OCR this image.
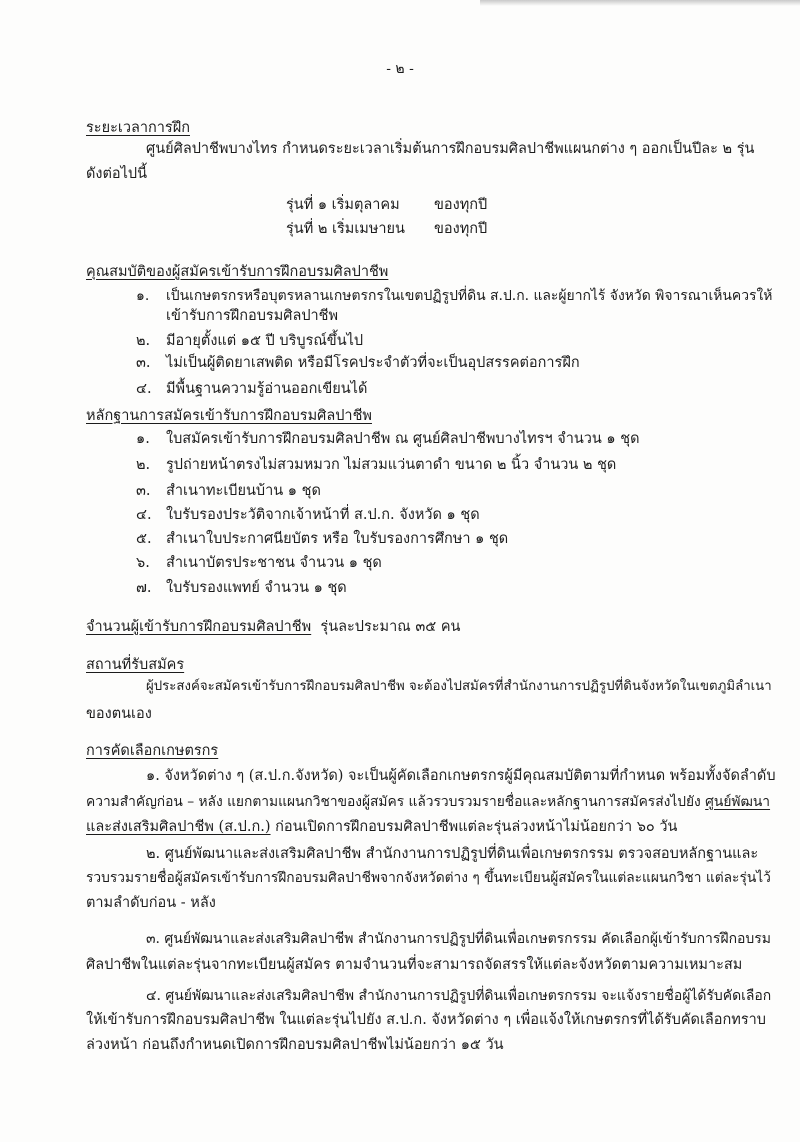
- ๒ -
ระยะเวลาการฝึก
ศูนย์ศิลปาชีพบางไทร กำหนดระยะเวลาเริ่มต้นการฝึกอบรมศิลปาชีพแผนกต่าง ๆ ออกเป็นปีละ ๒ รุ่น
ดังต่อไปนี้
รุ่นที่ ๑ เริ่มตุลาคม ของทุกปี
รุ่นที่ ๒ เริ่มเมษายน ของทุกปี
คุณสมบัติของผู้สมัครเข้ารับการฝึกอบรมศิลปาชีพ
๑. เป็นเกษตรกรหรือบุตรหลานเกษตรกรในเขตปฏิรูปที่ดิน ส.ป.ก. และผู้ยากไร้ จังหวัด พิจารณาเห็นควรให้
เข้ารับการฝึกอบรมศิลปาชีพ
๒. มีอายุตั้งแต่ ๑๕ ปี บริบูรณ์ขึ้นไป
๓. ไม่เป็นผู้ติดยาเสพติด หรือมีโรคประจำตัวที่จะเป็นอุปสรรคต่อการฝึก
๔. มีพื้นฐานความรู้อ่านออกเขียนได้
หลักฐานการสมัครเข้ารับการฝึกอบรมศิลปาชีพ
๑. ใบสมัครเข้ารับการฝึกอบรมศิลปาชีพ ณ ศูนย์ศิลปาชีพบางไทรฯ จำนวน ๑ ชุด
๒. รูปถ่ายหน้าตรงไม่สวมหมวก ไม่สวมแว่นตาดำ ขนาด ๒ นิ้ว จำนวน ๒ ชุด
๓. สำเนาทะเบียนบ้าน ๑ ชุด
๔. ใบรับรองประวัติจากเจ้าหน้าที่ ส.ป.ก. จังหวัด ๑ ชุด
๕. สำเนาใบประกาศนียบัตร หรือ ใบรับรองการศึกษา ๑ ชุด
๖. สำเนาบัตรประชาชน จำนวน ๑ ชุด
๗. ใบรับรองแพทย์ จำนวน ๑ ชุด
จำนวนผู้เข้ารับการฝึกอบรมศิลปาชีพ รุ่นละประมาณ ๓๕ คน
สถานที่รับสมัคร
ผู้ประสงค์จะสมัครเข้ารับการฝึกอบรมศิลปาชีพ จะต้องไปสมัครที่สำนักงานการปฏิรูปที่ดินจังหวัดในเขตภูมิลำเนา
ของตนเอง
การคัดเลือกเกษตรกร
๑. จังหวัดต่าง ๆ (ส.ป.ก.จังหวัด) จะเป็นผู้คัดเลือกเกษตรกรผู้มีคุณสมบัติตามที่กำหนด พร้อมทั้งจัดลำดับ
ความสำคัญก่อน – หลัง แยกตามแผนกวิชาของผู้สมัคร แล้วรวบรวมรายชื่อและหลักฐานการสมัครส่งไปยัง ศูนย์พัฒนา
และส่งเสริมศิลปาชีพ (ส.ป.ก.) ก่อนเปิดการฝึกอบรมศิลปาชีพแต่ละรุ่นล่วงหน้าไม่น้อยกว่า ๖๐ วัน
๒. ศูนย์พัฒนาและส่งเสริมศิลปาชีพ สำนักงานการปฏิรูปที่ดินเพื่อเกษตรกรรม ตรวจสอบหลักฐานและ
รวบรวมรายชื่อผู้สมัครเข้ารับการฝึกอบรมศิลปาชีพจากจังหวัดต่าง ๆ ขึ้นทะเบียนผู้สมัครในแต่ละแผนกวิชา แต่ละรุ่นไว้
ตามลำดับก่อน - หลัง
๓. ศูนย์พัฒนาและส่งเสริมศิลปาชีพ สำนักงานการปฏิรูปที่ดินเพื่อเกษตรกรรม คัดเลือกผู้เข้ารับการฝึกอบรม
ศิลปาชีพในแต่ละรุ่นจากทะเบียนผู้สมัคร ตามจำนวนที่จะสามารถจัดสรรให้แต่ละจังหวัดตามความเหมาะสม
๔. ศูนย์พัฒนาและส่งเสริมศิลปาชีพ สำนักงานการปฏิรูปที่ดินเพื่อเกษตรกรรม จะแจ้งรายชื่อผู้ได้รับคัดเลือก
ให้เข้ารับการฝึกอบรมศิลปาชีพ ในแต่ละรุ่นไปยัง ส.ป.ก. จังหวัดต่าง ๆ เพื่อแจ้งให้เกษตรกรที่ได้รับคัดเลือกทราบ
ล่วงหน้า ก่อนถึงกำหนดเปิดการฝึกอบรมศิลปาชีพไม่น้อยกว่า ๑๕ วัน
